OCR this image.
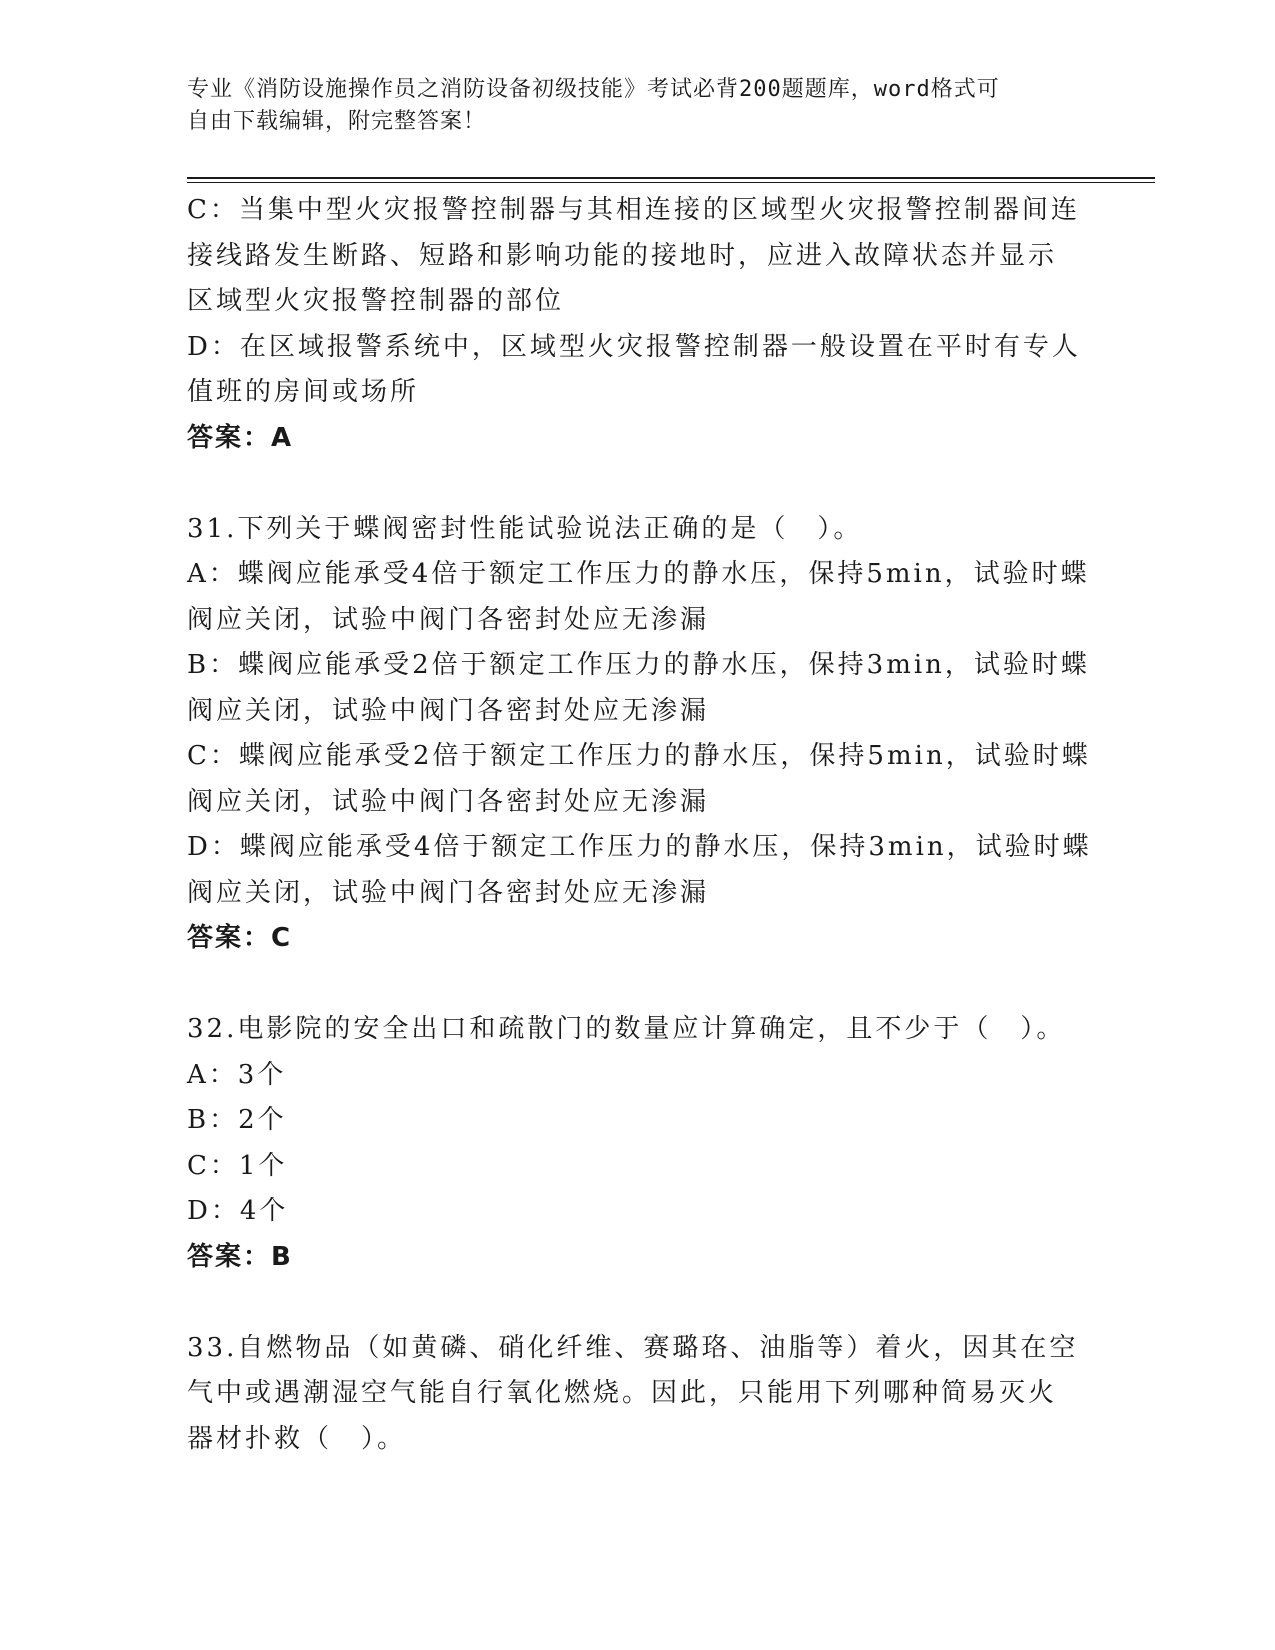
专业《消防设施操作员之消防设备初级技能》考试必背200题题库，word格式可
自由下载编辑，附完整答案！
C：当集中型火灾报警控制器与其相连接的区域型火灾报警控制器间连
接线路发生断路、短路和影响功能的接地时，应进入故障状态并显示
区域型火灾报警控制器的部位
D：在区域报警系统中，区域型火灾报警控制器一般设置在平时有专人
值班的房间或场所
答案：A
31.下列关于蝶阀密封性能试验说法正确的是（　）。
A：蝶阀应能承受4倍于额定工作压力的静水压，保持5min，试验时蝶
阀应关闭，试验中阀门各密封处应无渗漏
B：蝶阀应能承受2倍于额定工作压力的静水压，保持3min，试验时蝶
阀应关闭，试验中阀门各密封处应无渗漏
C：蝶阀应能承受2倍于额定工作压力的静水压，保持5min，试验时蝶
阀应关闭，试验中阀门各密封处应无渗漏
D：蝶阀应能承受4倍于额定工作压力的静水压，保持3min，试验时蝶
阀应关闭，试验中阀门各密封处应无渗漏
答案：C
32.电影院的安全出口和疏散门的数量应计算确定，且不少于（　）。
A：3个
B：2个
C：1个
D：4个
答案：B
33.自燃物品（如黄磷、硝化纤维、赛璐珞、油脂等）着火，因其在空
气中或遇潮湿空气能自行氧化燃烧。因此，只能用下列哪种简易灭火
器材扑救（　）。
